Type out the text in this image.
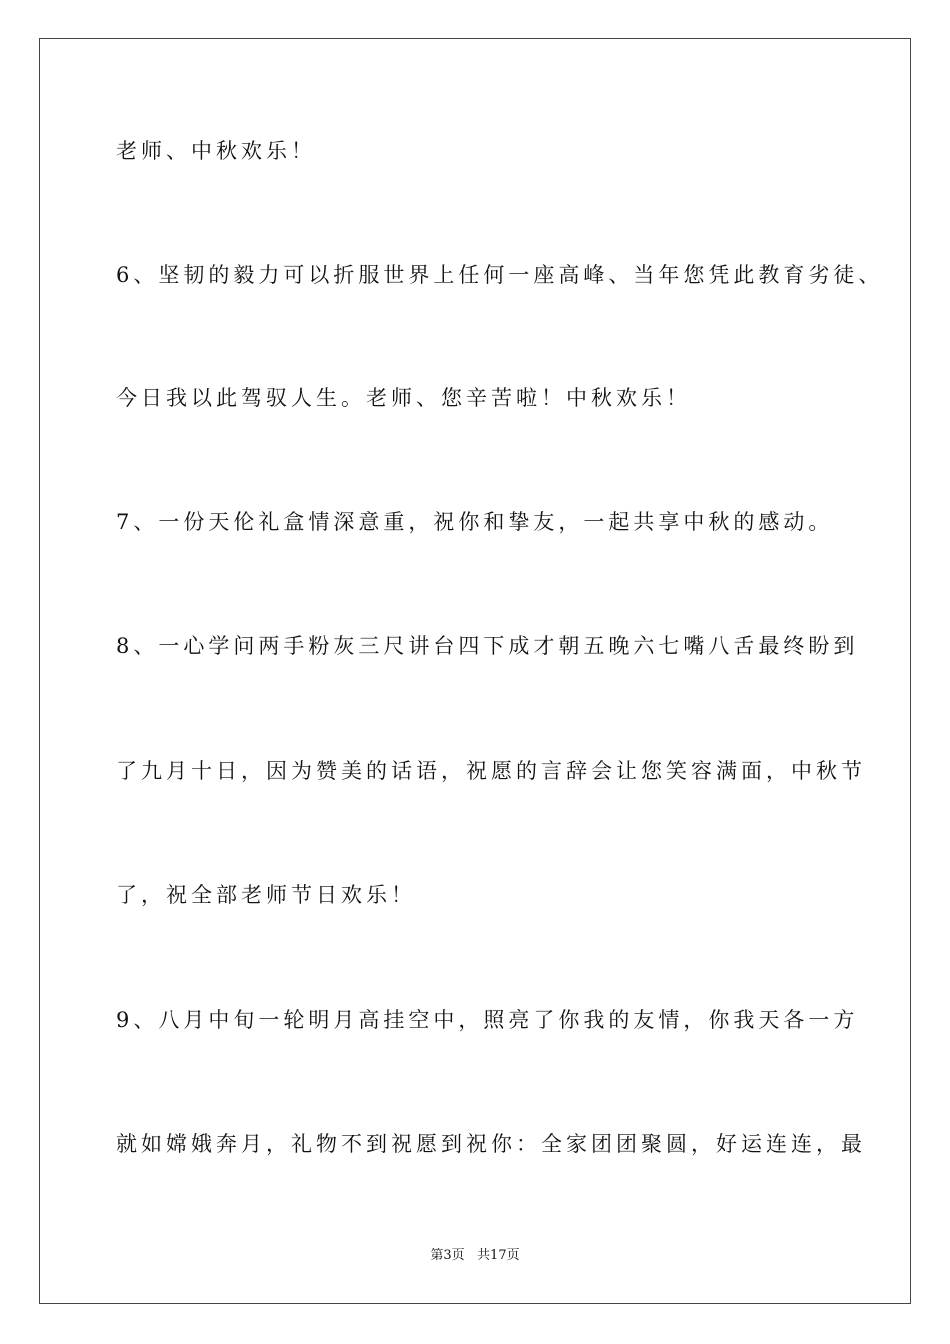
老师、中秋欢乐！

6、坚韧的毅力可以折服世界上任何一座高峰、当年您凭此教育劣徒、

今日我以此驾驭人生。老师、您辛苦啦！中秋欢乐！

7、一份天伦礼盒情深意重，祝你和挚友，一起共享中秋的感动。

8、一心学问两手粉灰三尺讲台四下成才朝五晚六七嘴八舌最终盼到

了九月十日，因为赞美的话语，祝愿的言辞会让您笑容满面，中秋节

了，祝全部老师节日欢乐！

9、八月中旬一轮明月高挂空中，照亮了你我的友情，你我天各一方

就如嫦娥奔月，礼物不到祝愿到祝你：全家团团聚圆，好运连连，最

第3页   共17页
